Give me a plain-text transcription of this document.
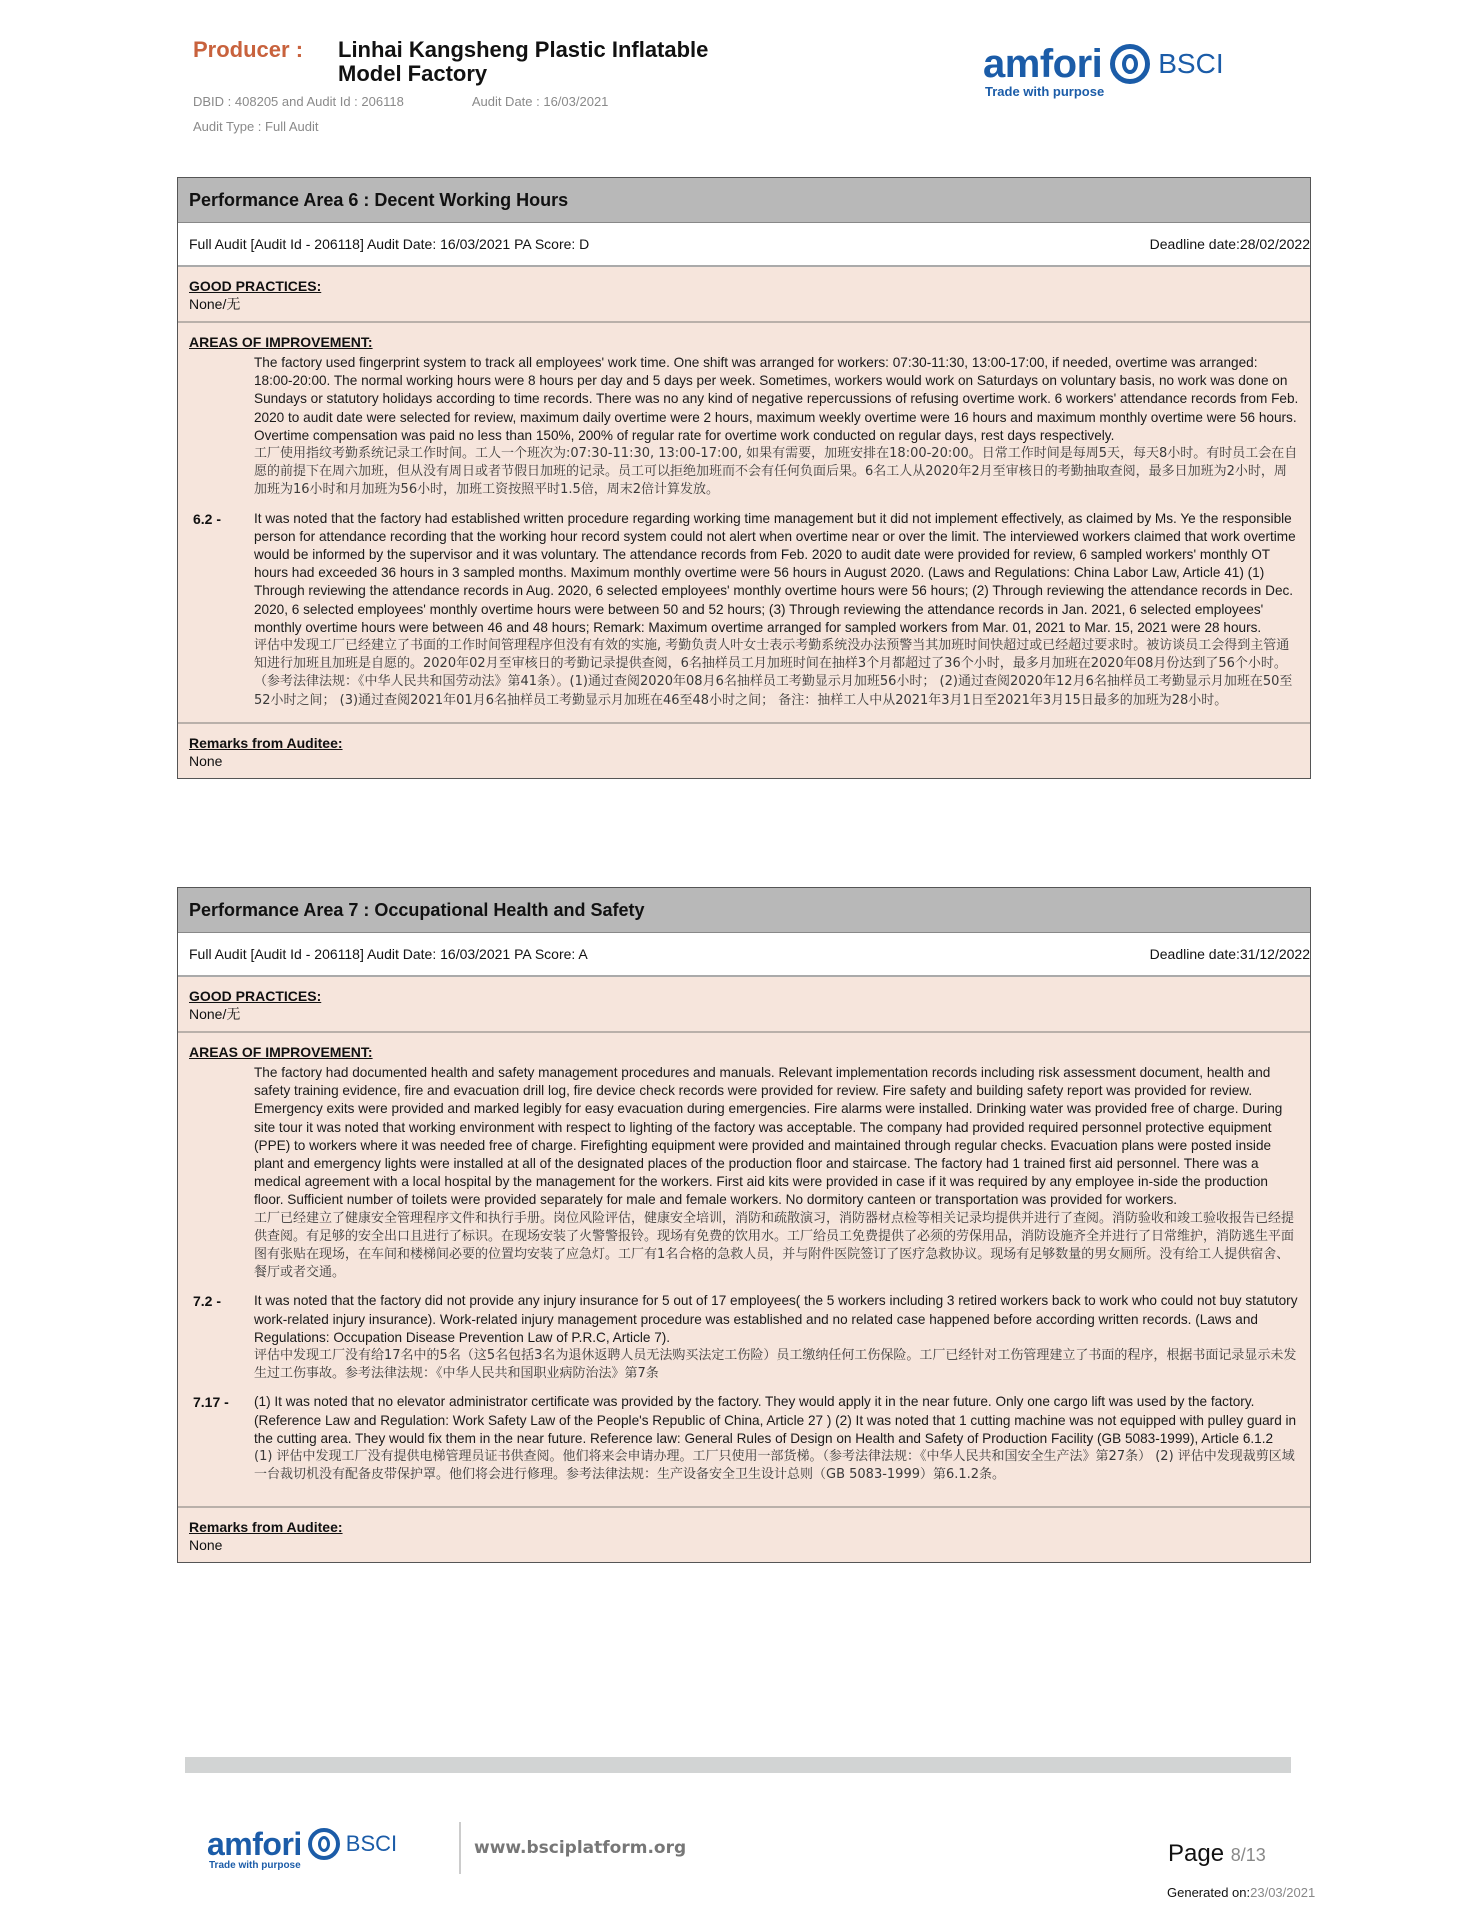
Producer :	Linhai Kangsheng Plastic Inflatable
Model Factory
DBID : 408205 and Audit Id : 206118	Audit Date : 16/03/2021
Audit Type : Full Audit
amfori BSCI
Trade with purpose
Performance Area 6 : Decent Working Hours
Full Audit [Audit Id - 206118] Audit Date: 16/03/2021 PA Score: D	Deadline date:28/02/2022
GOOD PRACTICES:
None/无
AREAS OF IMPROVEMENT:
The factory used fingerprint system to track all employees' work time. One shift was arranged for workers: 07:30-11:30, 13:00-17:00, if needed, overtime was arranged: 18:00-20:00. The normal working hours were 8 hours per day and 5 days per week. Sometimes, workers would work on Saturdays on voluntary basis, no work was done on Sundays or statutory holidays according to time records. There was no any kind of negative repercussions of refusing overtime work. 6 workers' attendance records from Feb. 2020 to audit date were selected for review, maximum daily overtime were 2 hours, maximum weekly overtime were 16 hours and maximum monthly overtime were 56 hours. Overtime compensation was paid no less than 150%, 200% of regular rate for overtime work conducted on regular days, rest days respectively.
工厂使用指纹考勤系统记录工作时间。工人一个班次为:07:30-11:30, 13:00-17:00, 如果有需要，加班安排在18:00-20:00。日常工作时间是每周5天，每天8小时。有时员工会在自愿的前提下在周六加班，但从没有周日或者节假日加班的记录。员工可以拒绝加班而不会有任何负面后果。6名工人从2020年2月至审核日的考勤抽取查阅，最多日加班为2小时，周加班为16小时和月加班为56小时，加班工资按照平时1.5倍，周末2倍计算发放。
6.2 -	It was noted that the factory had established written procedure regarding working time management but it did not implement effectively, as claimed by Ms. Ye the responsible person for attendance recording that the working hour record system could not alert when overtime near or over the limit. The interviewed workers claimed that work overtime would be informed by the supervisor and it was voluntary. The attendance records from Feb. 2020 to audit date were provided for review, 6 sampled workers' monthly OT hours had exceeded 36 hours in 3 sampled months. Maximum monthly overtime were 56 hours in August 2020. (Laws and Regulations: China Labor Law, Article 41) (1) Through reviewing the attendance records in Aug. 2020, 6 selected employees' monthly overtime hours were 56 hours; (2) Through reviewing the attendance records in Dec. 2020, 6 selected employees' monthly overtime hours were between 50 and 52 hours; (3) Through reviewing the attendance records in Jan. 2021, 6 selected employees' monthly overtime hours were between 46 and 48 hours; Remark: Maximum overtime arranged for sampled workers from Mar. 01, 2021 to Mar. 15, 2021 were 28 hours.
评估中发现工厂已经建立了书面的工作时间管理程序但没有有效的实施, 考勤负责人叶女士表示考勤系统没办法预警当其加班时间快超过或已经超过要求时。被访谈员工会得到主管通知进行加班且加班是自愿的。2020年02月至审核日的考勤记录提供查阅，6名抽样员工月加班时间在抽样3个月都超过了36个小时，最多月加班在2020年08月份达到了56个小时。（参考法律法规：《中华人民共和国劳动法》第41条）。(1)通过查阅2020年08月6名抽样员工考勤显示月加班56小时； (2)通过查阅2020年12月6名抽样员工考勤显示月加班在50至52小时之间； (3)通过查阅2021年01月6名抽样员工考勤显示月加班在46至48小时之间； 备注：抽样工人中从2021年3月1日至2021年3月15日最多的加班为28小时。
Remarks from Auditee:
None
Performance Area 7 : Occupational Health and Safety
Full Audit [Audit Id - 206118] Audit Date: 16/03/2021 PA Score: A	Deadline date:31/12/2022
GOOD PRACTICES:
None/无
AREAS OF IMPROVEMENT:
The factory had documented health and safety management procedures and manuals. Relevant implementation records including risk assessment document, health and safety training evidence, fire and evacuation drill log, fire device check records were provided for review. Fire safety and building safety report was provided for review. Emergency exits were provided and marked legibly for easy evacuation during emergencies. Fire alarms were installed. Drinking water was provided free of charge. During site tour it was noted that working environment with respect to lighting of the factory was acceptable. The company had provided required personnel protective equipment (PPE) to workers where it was needed free of charge. Firefighting equipment were provided and maintained through regular checks. Evacuation plans were posted inside plant and emergency lights were installed at all of the designated places of the production floor and staircase. The factory had 1 trained first aid personnel. There was a medical agreement with a local hospital by the management for the workers. First aid kits were provided in case if it was required by any employee in-side the production floor. Sufficient number of toilets were provided separately for male and female workers. No dormitory canteen or transportation was provided for workers.
工厂已经建立了健康安全管理程序文件和执行手册。岗位风险评估，健康安全培训，消防和疏散演习，消防器材点检等相关记录均提供并进行了查阅。消防验收和竣工验收报告已经提供查阅。有足够的安全出口且进行了标识。在现场安装了火警警报铃。现场有免费的饮用水。工厂给员工免费提供了必须的劳保用品，消防设施齐全并进行了日常维护，消防逃生平面图有张贴在现场，在车间和楼梯间必要的位置均安装了应急灯。工厂有1名合格的急救人员，并与附件医院签订了医疗急救协议。现场有足够数量的男女厕所。没有给工人提供宿舍、餐厅或者交通。
7.2 -	It was noted that the factory did not provide any injury insurance for 5 out of 17 employees( the 5 workers including 3 retired workers back to work who could not buy statutory work-related injury insurance). Work-related injury management procedure was established and no related case happened before according written records. (Laws and Regulations: Occupation Disease Prevention Law of P.R.C, Article 7).
评估中发现工厂没有给17名中的5名（这5名包括3名为退休返聘人员无法购买法定工伤险）员工缴纳任何工伤保险。工厂已经针对工伤管理建立了书面的程序，根据书面记录显示未发生过工伤事故。参考法律法规：《中华人民共和国职业病防治法》第7条
7.17 -	(1) It was noted that no elevator administrator certificate was provided by the factory. They would apply it in the near future. Only one cargo lift was used by the factory. (Reference Law and Regulation: Work Safety Law of the People's Republic of China, Article 27 ) (2) It was noted that 1 cutting machine was not equipped with pulley guard in the cutting area. They would fix them in the near future. Reference law: General Rules of Design on Health and Safety of Production Facility (GB 5083-1999), Article 6.1.2
(1) 评估中发现工厂没有提供电梯管理员证书供查阅。他们将来会申请办理。工厂只使用一部货梯。（参考法律法规：《中华人民共和国安全生产法》第27条） (2) 评估中发现裁剪区域一台裁切机没有配备皮带保护罩。他们将会进行修理。参考法律法规：生产设备安全卫生设计总则（GB 5083-1999）第6.1.2条。
Remarks from Auditee:
None
amfori BSCI
Trade with purpose
www.bsciplatform.org	Page 8/13
Generated on:23/03/2021
